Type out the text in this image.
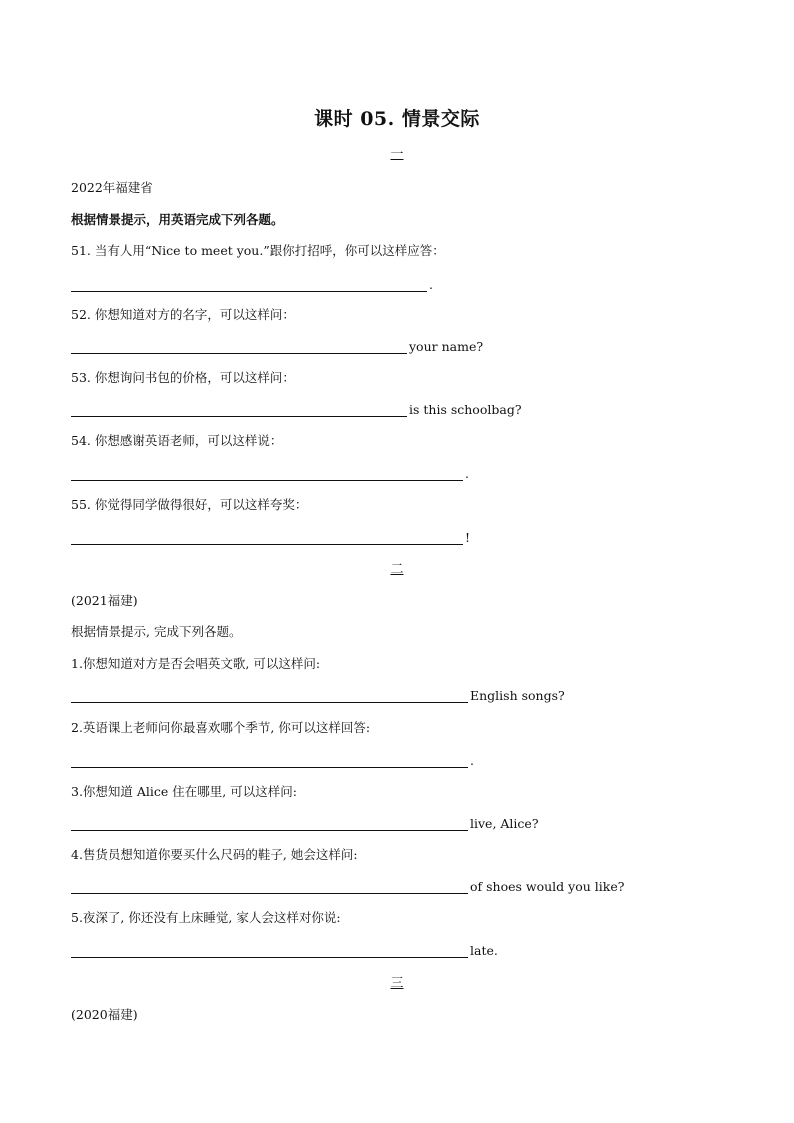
课时 05. 情景交际
一
2022年福建省
根据情景提示，用英语完成下列各题。
51. 当有人用“Nice to meet you.”跟你打招呼，你可以这样应答：
.
52. 你想知道对方的名字，可以这样问：
your name?
53. 你想询问书包的价格，可以这样问：
is this schoolbag?
54. 你想感谢英语老师，可以这样说：
.
55. 你觉得同学做得很好，可以这样夸奖：
!
二
(2021福建)
根据情景提示, 完成下列各题。
1.你想知道对方是否会唱英文歌, 可以这样问:
English songs?
2.英语课上老师问你最喜欢哪个季节, 你可以这样回答:
.
3.你想知道 Alice 住在哪里, 可以这样问:
live, Alice?
4.售货员想知道你要买什么尺码的鞋子, 她会这样问:
of shoes would you like?
5.夜深了, 你还没有上床睡觉, 家人会这样对你说:
late.
三
(2020福建)
